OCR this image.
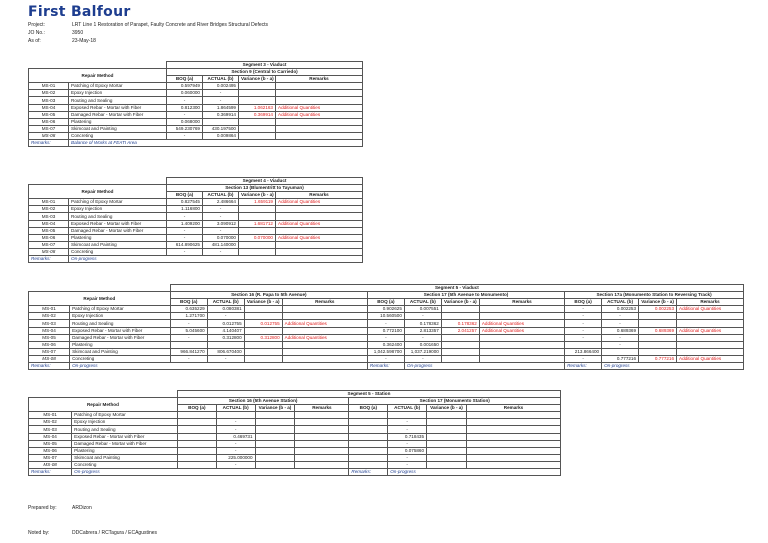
First Balfour
Project:	LRT Line 1 Restoration of Parapet, Faulty Concrete and River Bridges Structural Defects
JO No.:	3950
As of:	23-May-18
		Segment 3 - Viaduct			
Repair Method		Section 9 (Central to Carriedo)			
		BOQ (a)	ACTUAL (b)	Variance (b - a)	Remarks
MS-01	Patching of Epoxy Mortar	0.597949	0.002495		
MS-02	Epoxy Injection	0.060000	-		
MS-03	Routing and Sealing	-	-		
MS-04	Exposed Rebar - Mortar with Fiber	0.812300	1.864599	1.062163	Additional Quantities
MS-05	Damaged Rebar - Mortar with Fiber	-	0.369914	0.369914	Additional Quantities
MS-06	Plastering	0.068000			
MS-07	Skimcoat and Painting	549.230769	430.197500		
MS-08	Concreting	-	0.009864		
Remarks:	Balance of Works at FEATI Area				
		Segment 4 - Viaduct			
Repair Method		Section 13 (Blumentritt to Tayuman)			
		BOQ (a)	ACTUAL (b)	Variance (b - a)	Remarks
MS-01	Patching of Epoxy Mortar	0.827545	2.486664	1.659119	Additional Quantities
MS-02	Epoxy Injection	1.116800	-		
MS-03	Routing and Sealing	-	-		
MS-04	Exposed Rebar - Mortar with Fiber	1.409200	3.090912	1.681712	Additional Quantities
MS-05	Damaged Rebar - Mortar with Fiber	-	-		
MS-06	Plastering	-	0.070000	0.070000	Additional Quantities
MS-07	Skimcoat and Painting	614.890625	481.140000		
MS-08	Concreting	-	-		
Remarks:	On-progress				
		Segment 5 - Viaduct											
Repair Method		Section 16 (R. Papa to 5th Avenue)				Section 17 (5th Avenue to Monumento)				Section 17a (Monumento Station to Reversing Track)			
		BOQ (a)	ACTUAL (b)	Variance (b - a)	Remarks	BOQ (a)	ACTUAL (b)	Variance (b - a)	Remarks	BOQ (a)	ACTUAL (b)	Variance (b - a)	Remarks
MS-01	Patching of Epoxy Mortar	0.635229	0.080381			0.902625	0.007551			-	0.002253	0.002253	Additional Quantities
MS-02	Epoxy Injection	1.271700	-			10.560500	-			-	-		
MS-03	Routing and Sealing	-	0.012755	0.012755	Additional Quantities	-	0.178362	0.178362	Additional Quantities	-	-		
MS-04	Exposed Rebar - Mortar with Fiber	5.045600	4.140407			0.772100	2.813357	2.041257	Additional Quantities	-	0.689369	0.689369	Additional Quantities
MS-05	Damaged Rebar - Mortar with Fiber	-	0.312800	0.312800	Additional Quantities	-	-			-	-		
MS-06	Plastering					0.362400	0.001650				-		
MS-07	Skimcoat and Painting	966.841270	806.670400			1,042.598700	1,037.219000			213.866400			
MS-08	Concreting	-	-			-	-			-	0.777216	0.777216	Additional Quantities
Remarks:	On-progress					Remarks:	On-progress			Remarks:	On-progress		
		Segment 5 - Station							
Repair Method		Section 16 (5th Avenue Station)				Section 17 (Monumento Station)			
		BOQ (a)	ACTUAL (b)	Variance (b - a)	Remarks	BOQ (a)	ACTUAL (b)	Variance (b - a)	Remarks
MS-01	Patching of Epoxy Mortar								
MS-02	Epoxy Injection		-				-		
MS-03	Routing and Sealing		-				-		
MS-04	Exposed Rebar - Mortar with Fiber		0.469731				0.718435		
MS-05	Damaged Rebar - Mortar with Fiber		-				-		
MS-06	Plastering		-				0.075860		
MS-07	Skimcoat and Painting		225.000000				-		
MS-08	Concreting		-				-		
Remarks:	On-progress					Remarks:	On-progress		
Prepared by:	ARDizon
Noted by:	DDCabrera / RCTagura / ECAgustines
